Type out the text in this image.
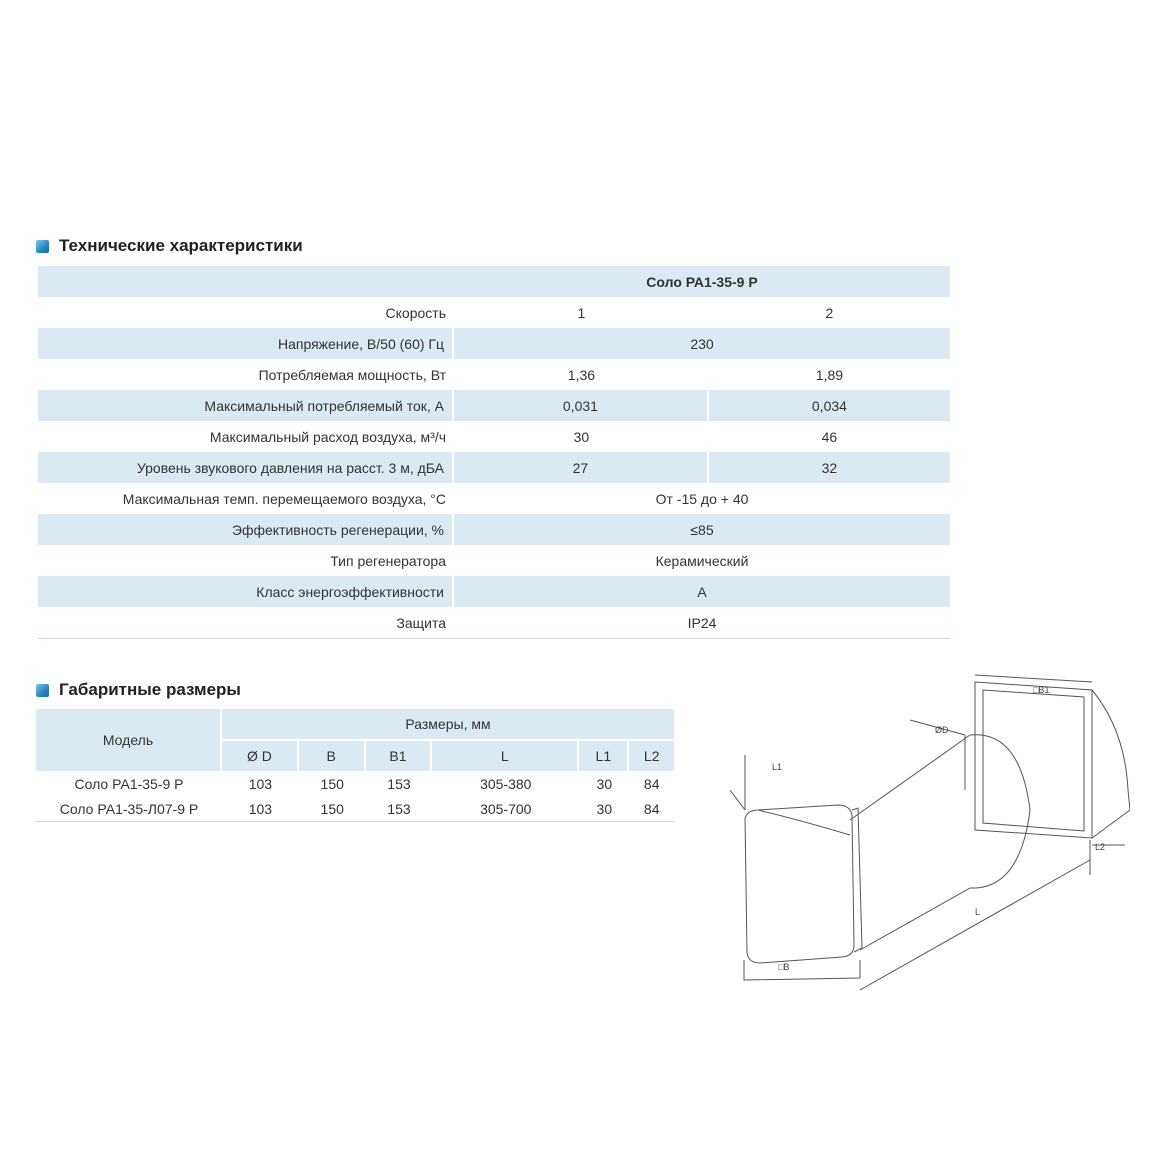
Технические характеристики
	Соло РА1-35-9 Р	
Скорость	1	2
Напряжение, В/50 (60) Гц	230	
Потребляемая мощность, Вт	1,36	1,89
Максимальный потребляемый ток, А	0,031	0,034
Максимальный расход воздуха, м³/ч	30	46
Уровень звукового давления на расст. 3 м, дБА	27	32
Максимальная темп. перемещаемого воздуха, °С	От -15 до + 40	
Эффективность регенерации, %	≤85	
Тип регенератора	Керамический	
Класс энергоэффективности	А	
Защита	IP24	
Габаритные размеры
Модель	Размеры, мм					
	Ø D	B	B1	L	L1	L2
Соло РА1-35-9 Р	103	150	153	305-380	30	84
Соло РА1-35-Л07-9 Р	103	150	153	305-700	30	84
□B1
ØD
L1
L2
L
□B
